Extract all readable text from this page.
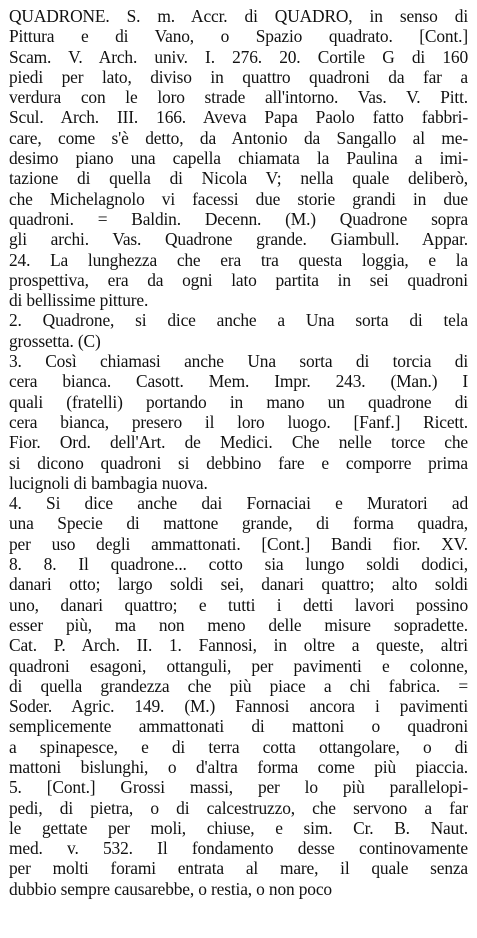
QUADRONE. S. m. Accr. di QUADRO, in senso di
Pittura e di Vano, o Spazio quadrato. [Cont.]
Scam. V. Arch. univ. I. 276. 20. Cortile G di 160
piedi per lato, diviso in quattro quadroni da far a
verdura con le loro strade all'intorno. Vas. V. Pitt.
Scul. Arch. III. 166. Aveva Papa Paolo fatto fabbri-
care, come s'è detto, da Antonio da Sangallo al me-
desimo piano una capella chiamata la Paulina a imi-
tazione di quella di Nicola V; nella quale deliberò,
che Michelagnolo vi facessi due storie grandi in due
quadroni. = Baldin. Decenn. (M.) Quadrone sopra
gli archi. Vas. Quadrone grande. Giambull. Appar.
24. La lunghezza che era tra questa loggia, e la
prospettiva, era da ogni lato partita in sei quadroni
di bellissime pitture.
2. Quadrone, si dice anche a Una sorta di tela
grossetta. (C)
3. Così chiamasi anche Una sorta di torcia di
cera bianca. Casott. Mem. Impr. 243. (Man.) I
quali (fratelli) portando in mano un quadrone di
cera bianca, presero il loro luogo. [Fanf.] Ricett.
Fior. Ord. dell'Art. de Medici. Che nelle torce che
si dicono quadroni si debbino fare e comporre prima
lucignoli di bambagia nuova.
4. Si dice anche dai Fornaciai e Muratori ad
una Specie di mattone grande, di forma quadra,
per uso degli ammattonati. [Cont.] Bandi fior. XV.
8. 8. Il quadrone... cotto sia lungo soldi dodici,
danari otto; largo soldi sei, danari quattro; alto soldi
uno, danari quattro; e tutti i detti lavori possino
esser più, ma non meno delle misure sopradette.
Cat. P. Arch. II. 1. Fannosi, in oltre a queste, altri
quadroni esagoni, ottanguli, per pavimenti e colonne,
di quella grandezza che più piace a chi fabrica. =
Soder. Agric. 149. (M.) Fannosi ancora i pavimenti
semplicemente ammattonati di mattoni o quadroni
a spinapesce, e di terra cotta ottangolare, o di
mattoni bislunghi, o d'altra forma come più piaccia.
5. [Cont.] Grossi massi, per lo più parallelopi-
pedi, di pietra, o di calcestruzzo, che servono a far
le gettate per moli, chiuse, e sim. Cr. B. Naut.
med. v. 532. Il fondamento desse continovamente
per molti forami entrata al mare, il quale senza
dubbio sempre causarebbe, o restia, o non poco
